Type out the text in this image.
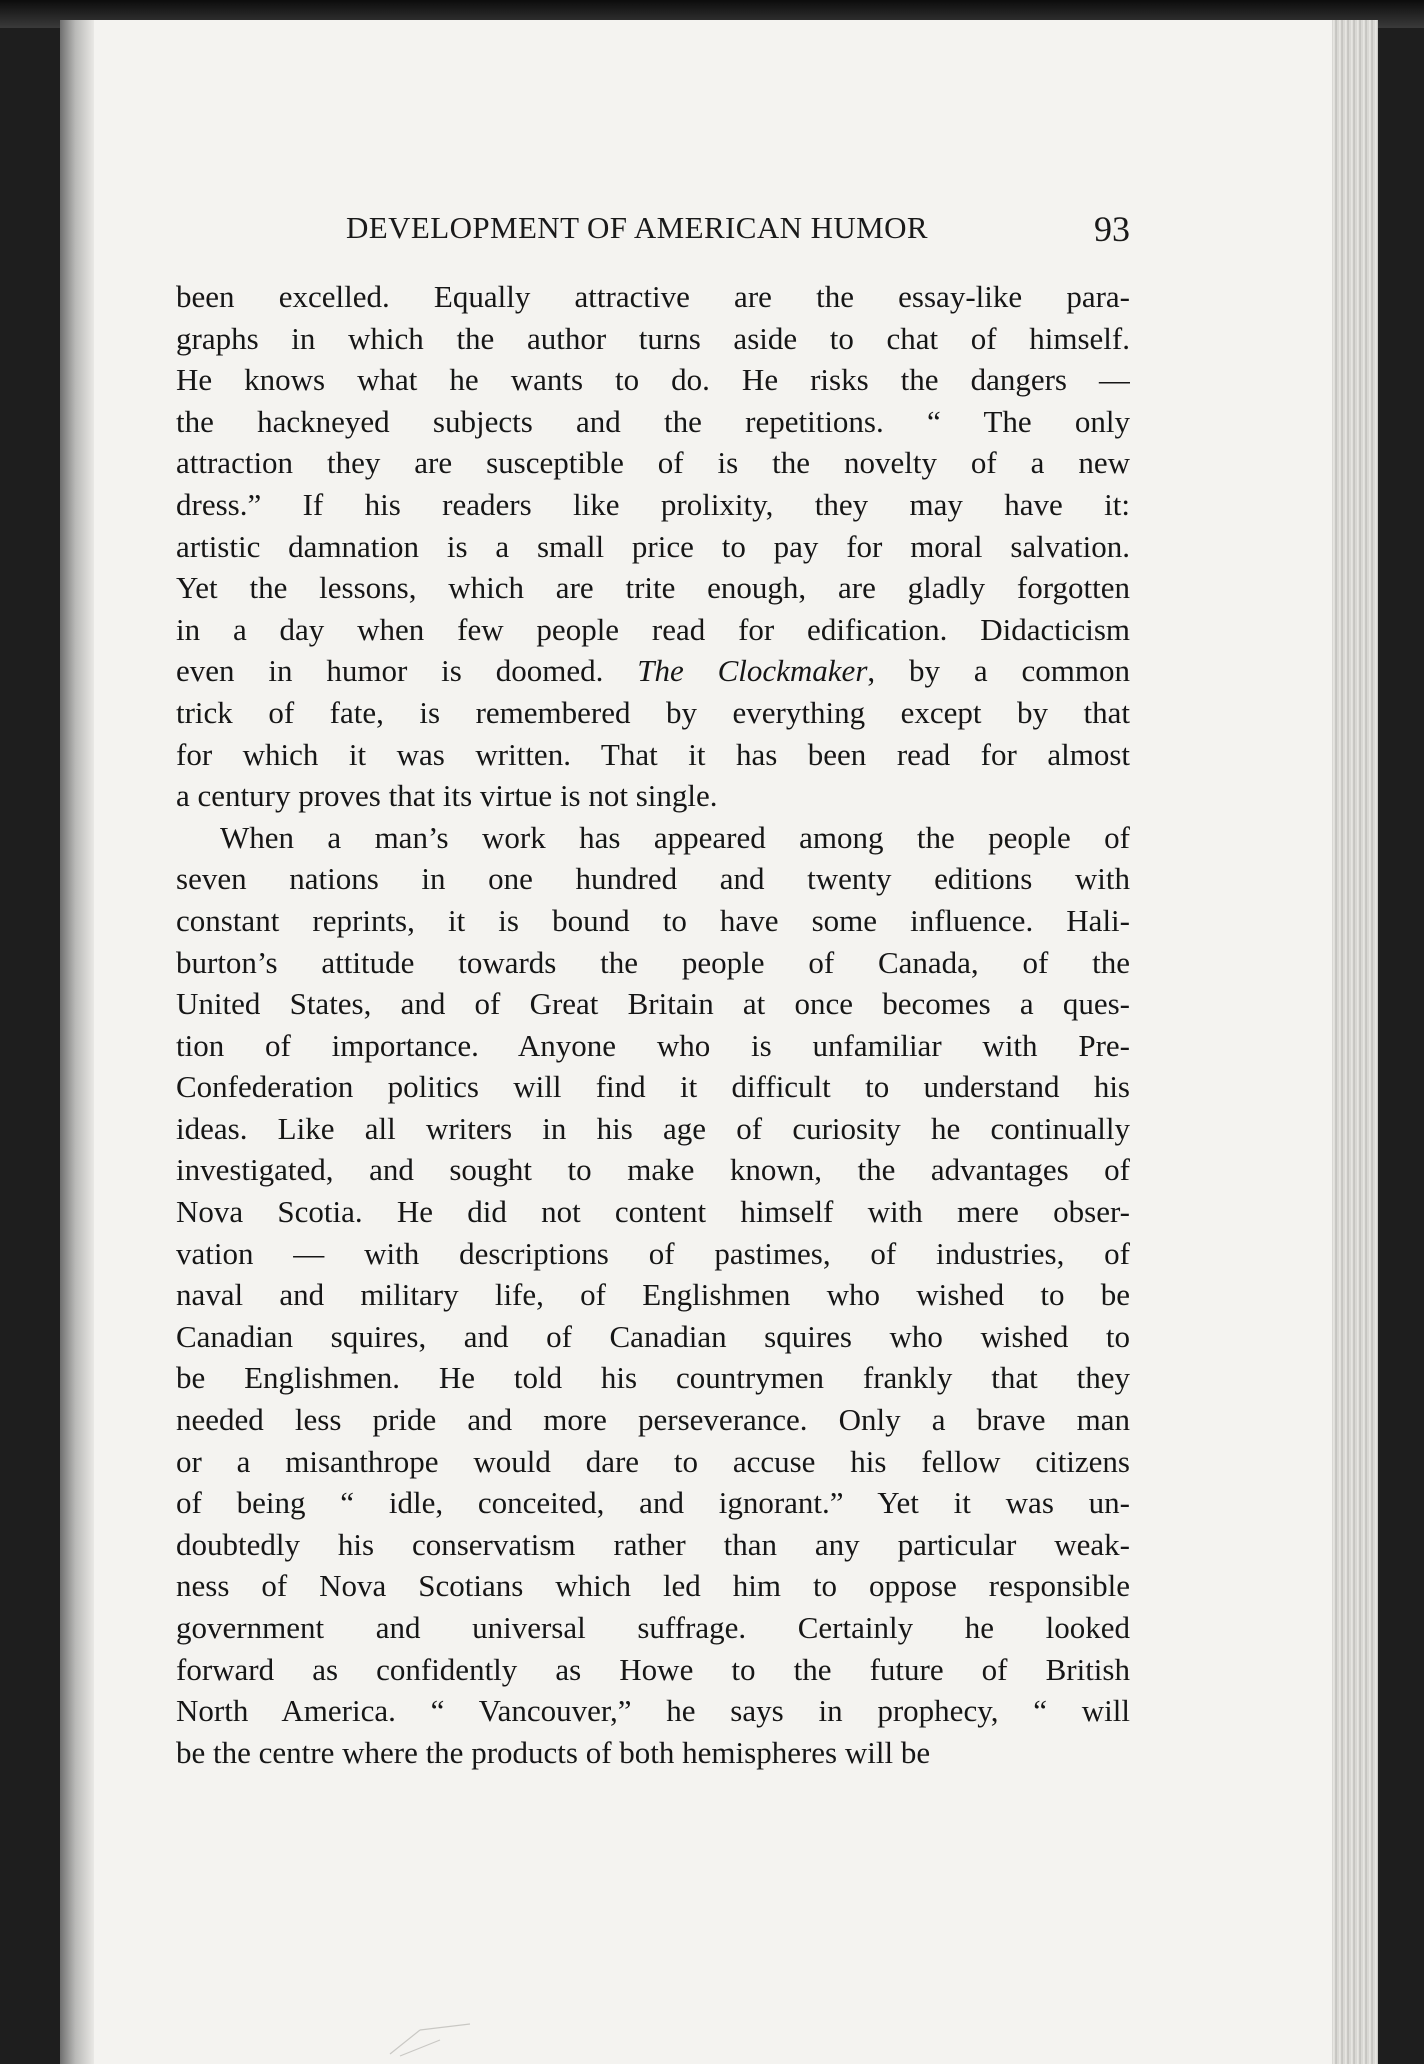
DEVELOPMENT OF AMERICAN HUMOR	93
been excelled. Equally attractive are the essay-like para-
graphs in which the author turns aside to chat of himself.
He knows what he wants to do. He risks the dangers —
the hackneyed subjects and the repetitions. “ The only
attraction they are susceptible of is the novelty of a new
dress.” If his readers like prolixity, they may have it:
artistic damnation is a small price to pay for moral salvation.
Yet the lessons, which are trite enough, are gladly forgotten
in a day when few people read for edification. Didacticism
even in humor is doomed. The Clockmaker, by a common
trick of fate, is remembered by everything except by that
for which it was written. That it has been read for almost
a century proves that its virtue is not single.
When a man’s work has appeared among the people of
seven nations in one hundred and twenty editions with
constant reprints, it is bound to have some influence. Hali-
burton’s attitude towards the people of Canada, of the
United States, and of Great Britain at once becomes a ques-
tion of importance. Anyone who is unfamiliar with Pre-
Confederation politics will find it difficult to understand his
ideas. Like all writers in his age of curiosity he continually
investigated, and sought to make known, the advantages of
Nova Scotia. He did not content himself with mere obser-
vation — with descriptions of pastimes, of industries, of
naval and military life, of Englishmen who wished to be
Canadian squires, and of Canadian squires who wished to
be Englishmen. He told his countrymen frankly that they
needed less pride and more perseverance. Only a brave man
or a misanthrope would dare to accuse his fellow citizens
of being “ idle, conceited, and ignorant.” Yet it was un-
doubtedly his conservatism rather than any particular weak-
ness of Nova Scotians which led him to oppose responsible
government and universal suffrage. Certainly he looked
forward as confidently as Howe to the future of British
North America. “ Vancouver,” he says in prophecy, “ will
be the centre where the products of both hemispheres will be
